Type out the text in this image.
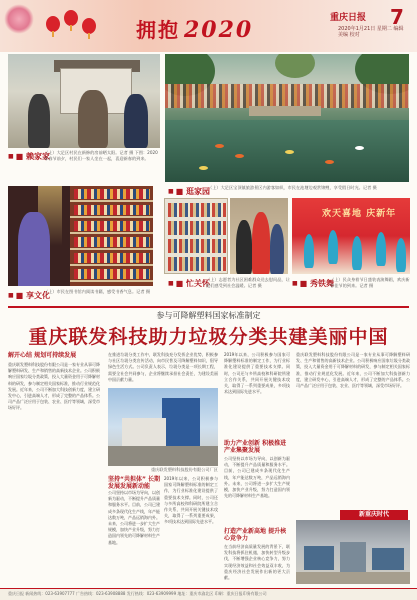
拥抱 2020	重庆日报 7
2020年1月21日 星期二 编辑 美编 校对
■ ■ 赖家家
（上）大足区村民在新修的房前晒太阳。记者 摄 下图：2020年春节前夕，村民们一家人坐在一起，喜迎新春的到来。
■ ■ 逛家园
（上）大足区宝顶镇旅游景区内游客如织，市民在池塘边观赏锦鲤，享受假日时光。记者 摄
■ ■ 享文化
（上）市民在图书馆内阅读书籍，感受书香气息。记者 摄
■ ■ 忙关怀
（上）志愿者为社区困难群众送去慰问品，让他们感受到社会温暖。记者 摄
欢天喜地 庆新年
■ ■ 秀铁舞
（上）民众身着节日盛装表演舞蹈，欢庆新春佳节的到来。记者 摄
参与可降解塑料国家标准制定
重庆联发科技助力垃圾分类共建美丽中国
解开心结 规划可持续发展
重庆联发塑料科技股份有限公司是一家专业从事可降解塑料研发、生产和销售的高新技术企业。公司积极响应国家垃圾分类政策，投入大量资金用于可降解材料的研发，参与制定相关国家标准，推动行业规范化发展。近年来，公司不断加大科技创新力度，建立研发中心，引进高端人才，形成了完整的产品体系。公司产品广泛应用于包装、农业、医疗等领域，深受市场好评。
在推进垃圾分类工作中，联发科技充分发挥企业优势，积极参与社区垃圾分类宣传活动，向市民普及可降解塑料知识，倡导绿色生活方式。公司负责人表示，垃圾分类是一项长期工程，需要全社会共同参与，企业将继续承担社会责任，为建设美丽中国贡献力量。
重庆联发塑料科技股份有限公司厂区
坚持“共担体” 长期发展发展新动能
公司坚持以市场为导向，以创新为驱动，不断提升产品质量和服务水平。目前，公司已建成多条现代化生产线，年产能达数万吨，产品远销海内外。未来，公司将进一步扩大生产规模，加快产业升级，努力打造国内领先的可降解材料生产基地。
2019年以来，公司积极参与国家可降解塑料标准的制定工作，为行业标准化建设提供了重要技术支撑。同时，公司还与多所高校和科研院所建立合作关系，共同开展关键技术攻关，取得了一系列重要成果，多项技术达到国际先进水平。
2019年以来，公司积极参与国家可降解塑料标准的制定工作，为行业标准化建设提供了重要技术支撑。同时，公司还与多所高校和科研院所建立合作关系，共同开展关键技术攻关，取得了一系列重要成果，多项技术达到国际先进水平。
助力产业创新 积极推进产业集聚发展
公司坚持以市场为导向，以创新为驱动，不断提升产品质量和服务水平。目前，公司已建成多条现代化生产线，年产能达数万吨，产品远销海内外。未来，公司将进一步扩大生产规模，加快产业升级，努力打造国内领先的可降解材料生产基地。
打造产业新高地 提升核心竞争力
在当前经济高质量发展的背景下，联发科技将抓住机遇，加快转型升级步伐，不断增强企业核心竞争力，努力实现经济效益和社会效益双丰收，为重庆经济社会发展作出新的更大贡献。
重庆联发塑料科技股份有限公司是一家专业从事可降解塑料研发、生产和销售的高新技术企业。公司积极响应国家垃圾分类政策，投入大量资金用于可降解材料的研发，参与制定相关国家标准，推动行业规范化发展。近年来，公司不断加大科技创新力度，建立研发中心，引进高端人才，形成了完整的产品体系。公司产品广泛应用于包装、农业、医疗等领域，深受市场好评。
新重庆时代
重庆日报 新闻热线：023-63907777 广告热线：023-63908888 发行热线：023-63909999 地址：重庆市渝北区 印刷：重庆日报印务有限公司
